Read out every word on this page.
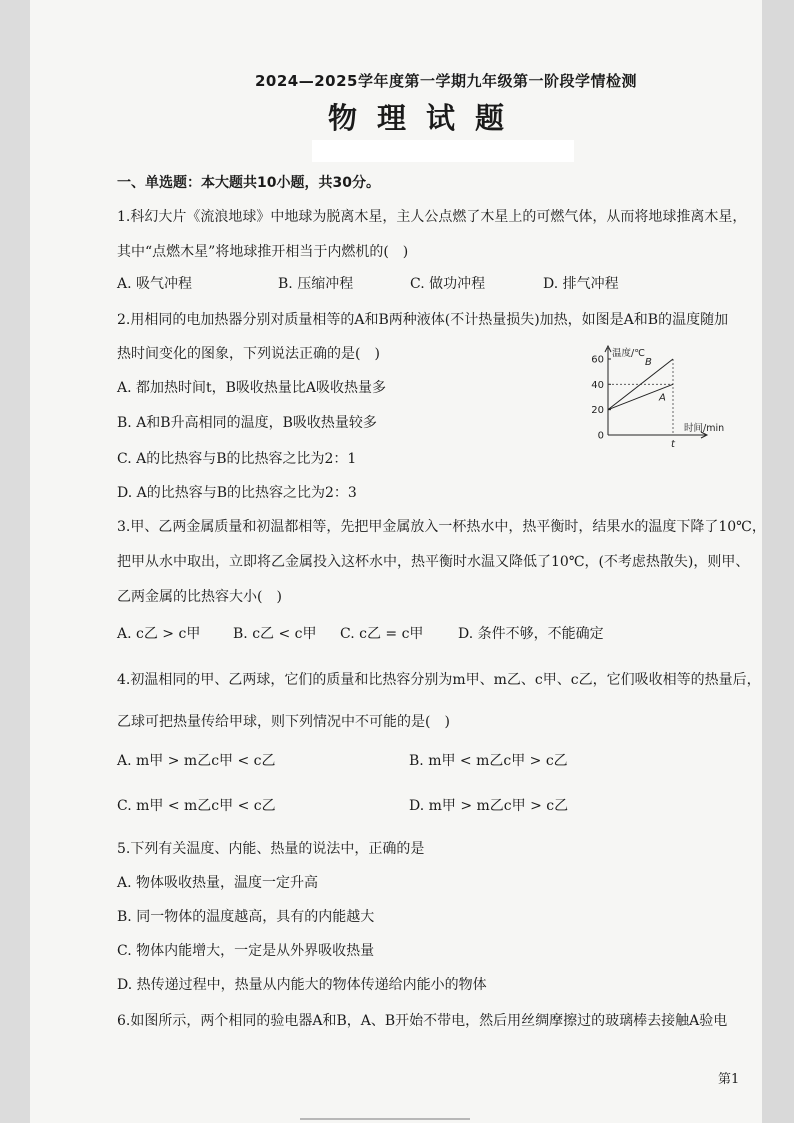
2024—2025学年度第一学期九年级第一阶段学情检测
物理试题
一、单选题：本大题共10小题，共30分。
1.科幻大片《流浪地球》中地球为脱离木星，主人公点燃了木星上的可燃气体，从而将地球推离木星，
其中“点燃木星”将地球推开相当于内燃机的(　)
A. 吸气冲程	B. 压缩冲程	C. 做功冲程	D. 排气冲程
2.用相同的电加热器分别对质量相等的A和B两种液体(不计热量损失)加热，如图是A和B的温度随加
热时间变化的图象，下列说法正确的是(　)
A. 都加热时间t，B吸收热量比A吸收热量多
B. A和B升高相同的温度，B吸收热量较多
C. A的比热容与B的比热容之比为2：1
D. A的比热容与B的比热容之比为2：3
0
20
40
60
t
温度/℃
时间/min
B
A
3.甲、乙两金属质量和初温都相等，先把甲金属放入一杯热水中，热平衡时，结果水的温度下降了10℃，
把甲从水中取出，立即将乙金属投入这杯水中，热平衡时水温又降低了10℃，(不考虑热散失)，则甲、
乙两金属的比热容大小(　)
A. c乙 > c甲 B. c乙 < c甲 C. c乙 = c甲 D. 条件不够，不能确定
4.初温相同的甲、乙两球，它们的质量和比热容分别为m甲、m乙、c甲、c乙，它们吸收相等的热量后，
乙球可把热量传给甲球，则下列情况中不可能的是(　)
A. m甲 > m乙c甲 < c乙	B. m甲 < m乙c甲 > c乙
C. m甲 < m乙c甲 < c乙	D. m甲 > m乙c甲 > c乙
5.下列有关温度、内能、热量的说法中，正确的是
A. 物体吸收热量，温度一定升高
B. 同一物体的温度越高，具有的内能越大
C. 物体内能增大，一定是从外界吸收热量
D. 热传递过程中，热量从内能大的物体传递给内能小的物体
6.如图所示，两个相同的验电器A和B，A、B开始不带电，然后用丝绸摩擦过的玻璃棒去接触A验电
第1
